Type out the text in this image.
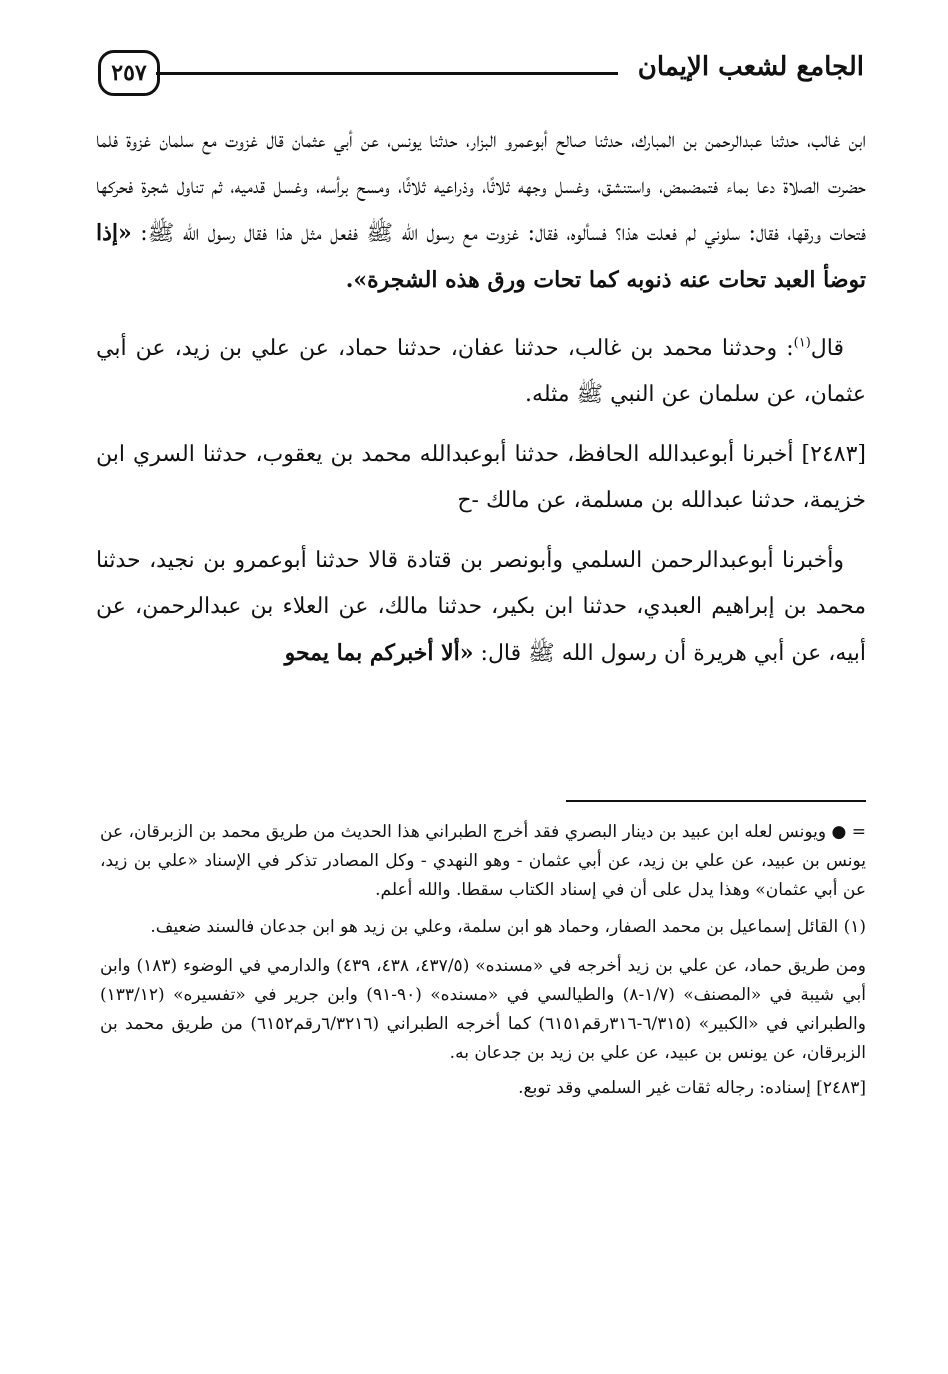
الجامع لشعب الإيمان
٢٥٧

ابن غالب، حدثنا عبدالرحمن بن المبارك، حدثنا صالح أبوعمرو البزار، حدثنا يونس، عن أبي عثمان قال غزوت مع سلمان غزوة فلما حضرت الصلاة دعا بماء فتمضمض، واستنشق، وغسل وجهه ثلاثًا، وذراعيه ثلاثًا، ومسح برأسه، وغسل قدميه، ثم تناول شجرة فحركها فتحات ورقها، فقال: سلوني لم فعلت هذا؟ فسألوه، فقال: غزوت مع رسول الله ﷺ ففعل مثل هذا فقال رسول الله ﷺ: «إذا توضأ العبد تحات عنه ذنوبه كما تحات ورق هذه الشجرة».

قال$^{(١)}$: وحدثنا محمد بن غالب، حدثنا عفان، حدثنا حماد، عن علي بن زيد، عن أبي عثمان، عن سلمان عن النبي ﷺ مثله.

[٢٤٨٣] أخبرنا أبوعبدالله الحافظ، حدثنا أبوعبدالله محمد بن يعقوب، حدثنا السري ابن خزيمة، حدثنا عبدالله بن مسلمة، عن مالك -ح

وأخبرنا أبوعبدالرحمن السلمي وأبونصر بن قتادة قالا حدثنا أبوعمرو بن نجيد، حدثنا محمد بن إبراهيم العبدي، حدثنا ابن بكير، حدثنا مالك، عن العلاء بن عبدالرحمن، عن أبيه، عن أبي هريرة أن رسول الله ﷺ قال: «ألا أخبركم بما يمحو

= ● ويونس لعله ابن عبيد بن دينار البصري فقد أخرج الطبراني هذا الحديث من طريق محمد بن الزبرقان، عن يونس بن عبيد، عن علي بن زيد، عن أبي عثمان - وهو النهدي - وكل المصادر تذكر في الإسناد «علي بن زيد، عن أبي عثمان» وهذا يدل على أن في إسناد الكتاب سقطا. والله أعلم.

(١) القائل إسماعيل بن محمد الصفار، وحماد هو ابن سلمة، وعلي بن زيد هو ابن جدعان فالسند ضعيف.

ومن طريق حماد، عن علي بن زيد أخرجه في «مسنده» (٤٣٧/٥، ٤٣٨، ٤٣٩) والدارمي في الوضوء (١٨٣) وابن أبي شيبة في «المصنف» (١/٧-٨) والطيالسي في «مسنده» (٩٠-٩١) وابن جرير في «تفسيره» (١٣٣/١٢) والطبراني في «الكبير» (٦/٣١٥-٣١٦رقم٦١٥١) كما أخرجه الطبراني (٦/٣٢١٦رقم٦١٥٢) من طريق محمد بن الزبرقان، عن يونس بن عبيد، عن علي بن زيد بن جدعان به.

[٢٤٨٣] إسناده: رجاله ثقات غير السلمي وقد توبع.
